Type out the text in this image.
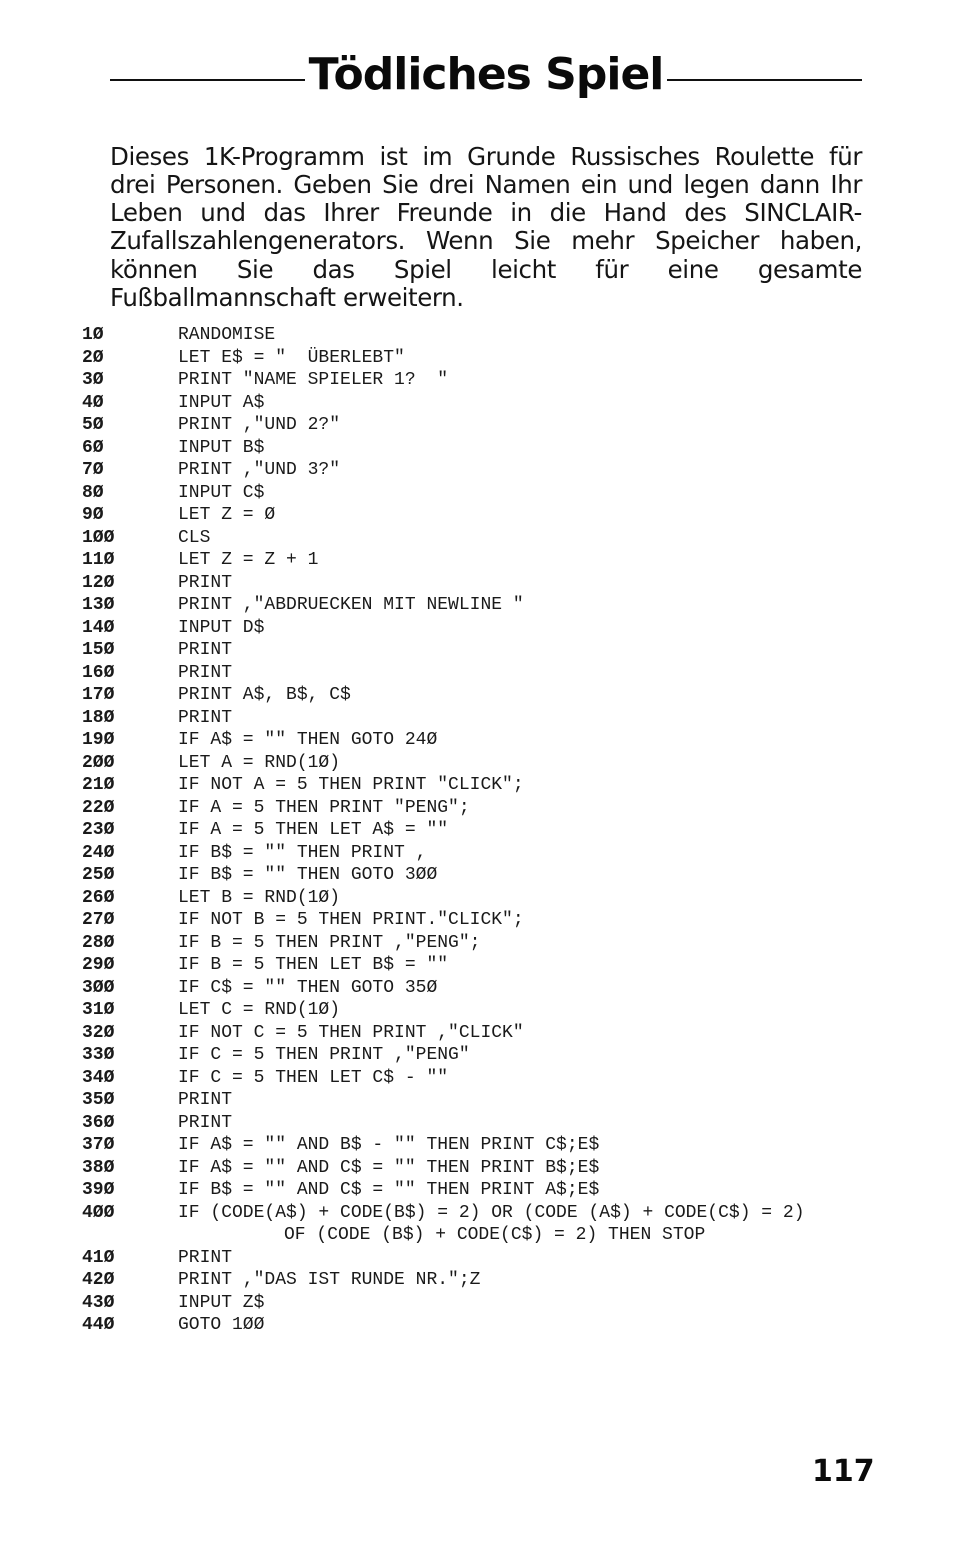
Tödliches Spiel

Dieses 1K-Programm ist im Grunde Russisches Roulette für drei Personen. Geben Sie drei Namen ein und legen dann Ihr Leben und das Ihrer Freunde in die Hand des SINCLAIR-Zufallszahlengenerators. Wenn Sie mehr Speicher haben, können Sie das Spiel leicht für eine gesamte Fußballmannschaft erweitern.

1Ø	RANDOMISE
2Ø	LET E$ = "  ÜBERLEBT"
3Ø	PRINT "NAME SPIELER 1?  "
4Ø	INPUT A$
5Ø	PRINT ,"UND 2?"
6Ø	INPUT B$
7Ø	PRINT ,"UND 3?"
8Ø	INPUT C$
9Ø	LET Z = Ø
1ØØ	CLS
11Ø	LET Z = Z + 1
12Ø	PRINT
13Ø	PRINT ,"ABDRUECKEN MIT NEWLINE "
14Ø	INPUT D$
15Ø	PRINT
16Ø	PRINT
17Ø	PRINT A$, B$, C$
18Ø	PRINT
19Ø	IF A$ = "" THEN GOTO 24Ø
2ØØ	LET A = RND(1Ø)
21Ø	IF NOT A = 5 THEN PRINT "CLICK";
22Ø	IF A = 5 THEN PRINT "PENG";
23Ø	IF A = 5 THEN LET A$ = ""
24Ø	IF B$ = "" THEN PRINT ,
25Ø	IF B$ = "" THEN GOTO 3ØØ
26Ø	LET B = RND(1Ø)
27Ø	IF NOT B = 5 THEN PRINT."CLICK";
28Ø	IF B = 5 THEN PRINT ,"PENG";
29Ø	IF B = 5 THEN LET B$ = ""
3ØØ	IF C$ = "" THEN GOTO 35Ø
31Ø	LET C = RND(1Ø)
32Ø	IF NOT C = 5 THEN PRINT ,"CLICK"
33Ø	IF C = 5 THEN PRINT ,"PENG"
34Ø	IF C = 5 THEN LET C$ - ""
35Ø	PRINT
36Ø	PRINT
37Ø	IF A$ = "" AND B$ - "" THEN PRINT C$;E$
38Ø	IF A$ = "" AND C$ = "" THEN PRINT B$;E$
39Ø	IF B$ = "" AND C$ = "" THEN PRINT A$;E$
4ØØ	IF (CODE(A$) + CODE(B$) = 2) OR (CODE (A$) + CODE(C$) = 2)
OF (CODE (B$) + CODE(C$) = 2) THEN STOP
41Ø	PRINT
42Ø	PRINT ,"DAS IST RUNDE NR.";Z
43Ø	INPUT Z$
44Ø	GOTO 1ØØ
117
